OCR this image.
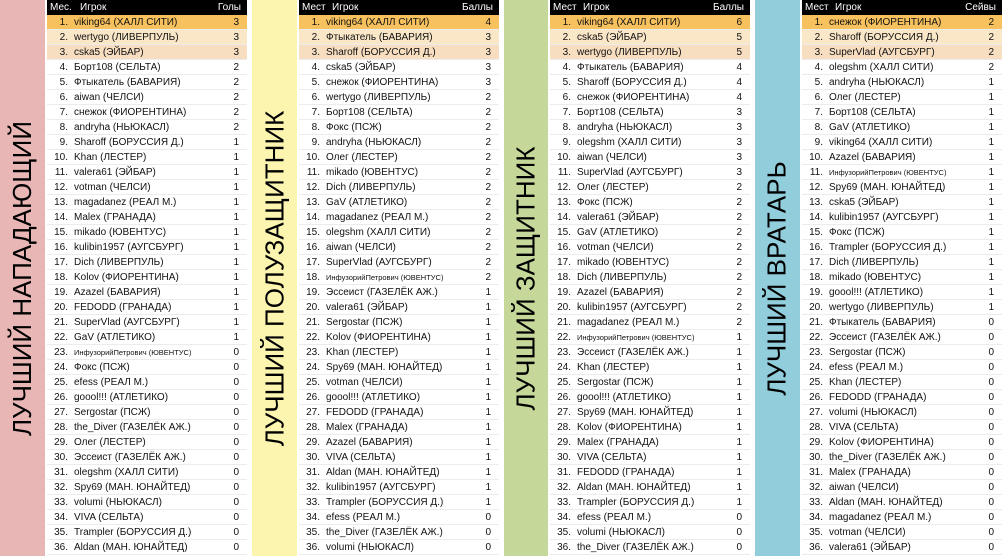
ЛУЧШИЙ НАПАДАЮЩИЙ
Мес. Игрок	Голы
1. viking64 (ХАЛЛ СИТИ)	3
2. wertygo (ЛИВЕРПУЛЬ)	3
3. cska5 (ЭЙБАР)	3
4. Борт108 (СЕЛЬТА)	2
5. Фтыкатель (БАВАРИЯ)	2
6. aiwan (ЧЕЛСИ)	2
7. снежок (ФИОРЕНТИНА)	2
8. andryha (НЬЮКАСЛ)	2
9. Sharoff (БОРУССИЯ Д.)	1
10. Khan (ЛЕСТЕР)	1
11. valera61 (ЭЙБАР)	1
12. votman (ЧЕЛСИ)	1
13. magadanez (РЕАЛ М.)	1
14. Malex (ГРАНАДА)	1
15. mikado (ЮВЕНТУС)	1
16. kulibin1957 (АУГСБУРГ)	1
17. Dich (ЛИВЕРПУЛЬ)	1
18. Kolov (ФИОРЕНТИНА)	1
19. Azazel (БАВАРИЯ)	1
20. FEDODD (ГРАНАДА)	1
21. SuperVlad (АУГСБУРГ)	1
22. GaV (АТЛЕТИКО)	1
23. ИнфузорийПетрович (ЮВЕНТУС)	0
24. Фокс (ПСЖ)	0
25. efess (РЕАЛ М.)	0
26. goool!!! (АТЛЕТИКО)	0
27. Sergostar (ПСЖ)	0
28. the_Diver (ГАЗЕЛЁК АЖ.)	0
29. Олег (ЛЕСТЕР)	0
30. Эссеист (ГАЗЕЛЁК АЖ.)	0
31. olegshm (ХАЛЛ СИТИ)	0
32. Spy69 (МАН. ЮНАЙТЕД)	0
33. volumi (НЬЮКАСЛ)	0
34. VIVA (СЕЛЬТА)	0
35. Trampler (БОРУССИЯ Д.)	0
36. Aldan (МАН. ЮНАЙТЕД)	0
ЛУЧШИЙ ПОЛУЗАЩИТНИК
Мест Игрок	Баллы
1. viking64 (ХАЛЛ СИТИ)	4
2. Фтыкатель (БАВАРИЯ)	3
3. Sharoff (БОРУССИЯ Д.)	3
4. cska5 (ЭЙБАР)	3
5. снежок (ФИОРЕНТИНА)	3
6. wertygo (ЛИВЕРПУЛЬ)	2
7. Борт108 (СЕЛЬТА)	2
8. Фокс (ПСЖ)	2
9. andryha (НЬЮКАСЛ)	2
10. Олег (ЛЕСТЕР)	2
11. mikado (ЮВЕНТУС)	2
12. Dich (ЛИВЕРПУЛЬ)	2
13. GaV (АТЛЕТИКО)	2
14. magadanez (РЕАЛ М.)	2
15. olegshm (ХАЛЛ СИТИ)	2
16. aiwan (ЧЕЛСИ)	2
17. SuperVlad (АУГСБУРГ)	2
18. ИнфузорийПетрович (ЮВЕНТУС)	2
19. Эссеист (ГАЗЕЛЁК АЖ.)	1
20. valera61 (ЭЙБАР)	1
21. Sergostar (ПСЖ)	1
22. Kolov (ФИОРЕНТИНА)	1
23. Khan (ЛЕСТЕР)	1
24. Spy69 (МАН. ЮНАЙТЕД)	1
25. votman (ЧЕЛСИ)	1
26. goool!!! (АТЛЕТИКО)	1
27. FEDODD (ГРАНАДА)	1
28. Malex (ГРАНАДА)	1
29. Azazel (БАВАРИЯ)	1
30. VIVA (СЕЛЬТА)	1
31. Aldan (МАН. ЮНАЙТЕД)	1
32. kulibin1957 (АУГСБУРГ)	1
33. Trampler (БОРУССИЯ Д.)	1
34. efess (РЕАЛ М.)	0
35. the_Diver (ГАЗЕЛЁК АЖ.)	0
36. volumi (НЬЮКАСЛ)	0
ЛУЧШИЙ ЗАЩИТНИК
Мест Игрок	Баллы
1. viking64 (ХАЛЛ СИТИ)	6
2. cska5 (ЭЙБАР)	5
3. wertygo (ЛИВЕРПУЛЬ)	5
4. Фтыкатель (БАВАРИЯ)	4
5. Sharoff (БОРУССИЯ Д.)	4
6. снежок (ФИОРЕНТИНА)	4
7. Борт108 (СЕЛЬТА)	3
8. andryha (НЬЮКАСЛ)	3
9. olegshm (ХАЛЛ СИТИ)	3
10. aiwan (ЧЕЛСИ)	3
11. SuperVlad (АУГСБУРГ)	3
12. Олег (ЛЕСТЕР)	2
13. Фокс (ПСЖ)	2
14. valera61 (ЭЙБАР)	2
15. GaV (АТЛЕТИКО)	2
16. votman (ЧЕЛСИ)	2
17. mikado (ЮВЕНТУС)	2
18. Dich (ЛИВЕРПУЛЬ)	2
19. Azazel (БАВАРИЯ)	2
20. kulibin1957 (АУГСБУРГ)	2
21. magadanez (РЕАЛ М.)	2
22. ИнфузорийПетрович (ЮВЕНТУС)	1
23. Эссеист (ГАЗЕЛЁК АЖ.)	1
24. Khan (ЛЕСТЕР)	1
25. Sergostar (ПСЖ)	1
26. goool!!! (АТЛЕТИКО)	1
27. Spy69 (МАН. ЮНАЙТЕД)	1
28. Kolov (ФИОРЕНТИНА)	1
29. Malex (ГРАНАДА)	1
30. VIVA (СЕЛЬТА)	1
31. FEDODD (ГРАНАДА)	1
32. Aldan (МАН. ЮНАЙТЕД)	1
33. Trampler (БОРУССИЯ Д.)	1
34. efess (РЕАЛ М.)	0
35. volumi (НЬЮКАСЛ)	0
36. the_Diver (ГАЗЕЛЁК АЖ.)	0
ЛУЧШИЙ ВРАТАРЬ
Мест Игрок	Сейвы
1. снежок (ФИОРЕНТИНА)	2
2. Sharoff (БОРУССИЯ Д.)	2
3. SuperVlad (АУГСБУРГ)	2
4. olegshm (ХАЛЛ СИТИ)	2
5. andryha (НЬЮКАСЛ)	1
6. Олег (ЛЕСТЕР)	1
7. Борт108 (СЕЛЬТА)	1
8. GaV (АТЛЕТИКО)	1
9. viking64 (ХАЛЛ СИТИ)	1
10. Azazel (БАВАРИЯ)	1
11. ИнфузорийПетрович (ЮВЕНТУС)	1
12. Spy69 (МАН. ЮНАЙТЕД)	1
13. cska5 (ЭЙБАР)	1
14. kulibin1957 (АУГСБУРГ)	1
15. Фокс (ПСЖ)	1
16. Trampler (БОРУССИЯ Д.)	1
17. Dich (ЛИВЕРПУЛЬ)	1
18. mikado (ЮВЕНТУС)	1
19. goool!!! (АТЛЕТИКО)	1
20. wertygo (ЛИВЕРПУЛЬ)	1
21. Фтыкатель (БАВАРИЯ)	0
22. Эссеист (ГАЗЕЛЁК АЖ.)	0
23. Sergostar (ПСЖ)	0
24. efess (РЕАЛ М.)	0
25. Khan (ЛЕСТЕР)	0
26. FEDODD (ГРАНАДА)	0
27. volumi (НЬЮКАСЛ)	0
28. VIVA (СЕЛЬТА)	0
29. Kolov (ФИОРЕНТИНА)	0
30. the_Diver (ГАЗЕЛЁК АЖ.)	0
31. Malex (ГРАНАДА)	0
32. aiwan (ЧЕЛСИ)	0
33. Aldan (МАН. ЮНАЙТЕД)	0
34. magadanez (РЕАЛ М.)	0
35. votman (ЧЕЛСИ)	0
36. valera61 (ЭЙБАР)	0
